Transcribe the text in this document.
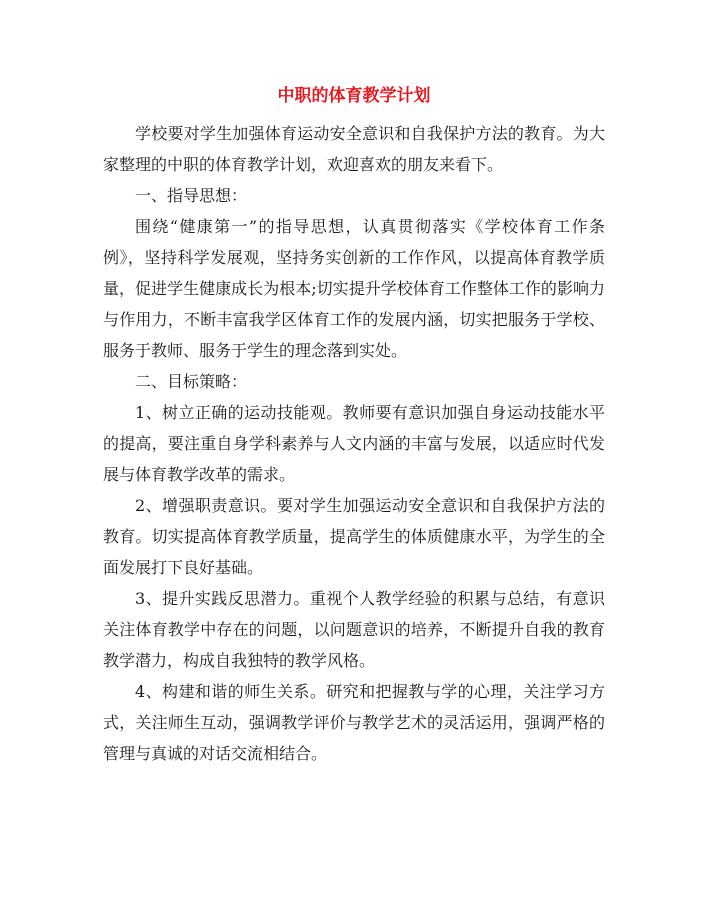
中职的体育教学计划

学校要对学生加强体育运动安全意识和自我保护方法的教育。为大家整理的中职的体育教学计划，欢迎喜欢的朋友来看下。

一、指导思想：

围绕“健康第一”的指导思想，认真贯彻落实《学校体育工作条例》，坚持科学发展观，坚持务实创新的工作作风，以提高体育教学质量，促进学生健康成长为根本;切实提升学校体育工作整体工作的影响力与作用力，不断丰富我学区体育工作的发展内涵，切实把服务于学校、服务于教师、服务于学生的理念落到实处。

二、目标策略：

1、树立正确的运动技能观。教师要有意识加强自身运动技能水平的提高，要注重自身学科素养与人文内涵的丰富与发展，以适应时代发展与体育教学改革的需求。

2、增强职责意识。要对学生加强运动安全意识和自我保护方法的教育。切实提高体育教学质量，提高学生的体质健康水平，为学生的全面发展打下良好基础。

3、提升实践反思潜力。重视个人教学经验的积累与总结，有意识关注体育教学中存在的问题，以问题意识的培养，不断提升自我的教育教学潜力，构成自我独特的教学风格。

4、构建和谐的师生关系。研究和把握教与学的心理，关注学习方式，关注师生互动，强调教学评价与教学艺术的灵活运用，强调严格的管理与真诚的对话交流相结合。
